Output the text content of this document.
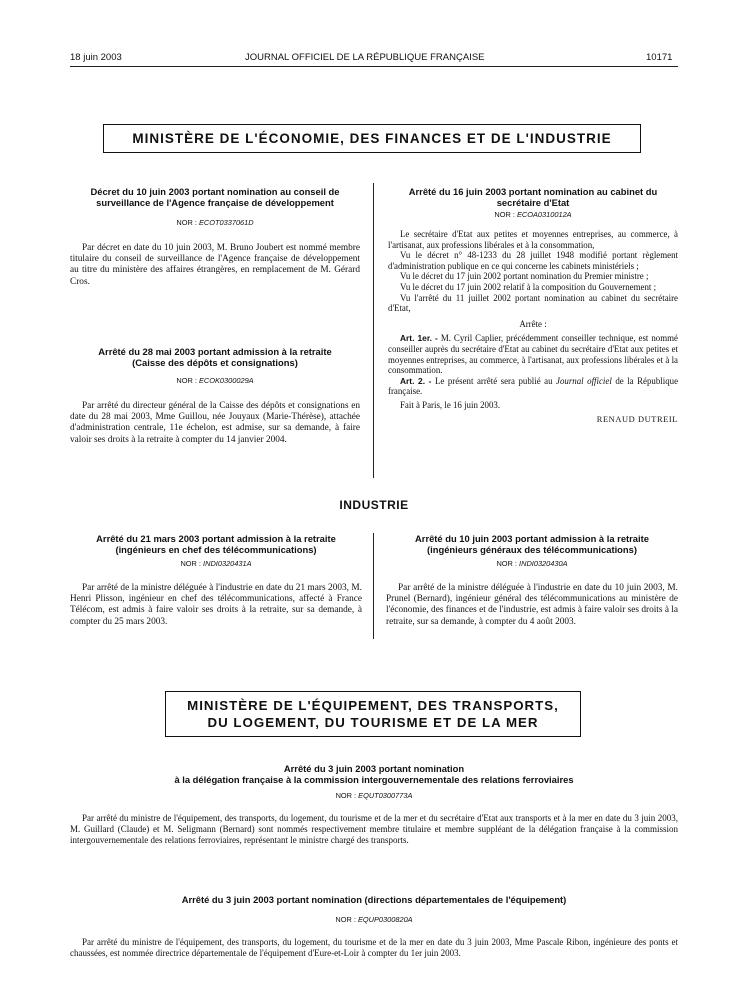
18 juin 2003	JOURNAL OFFICIEL DE LA RÉPUBLIQUE FRANÇAISE	10171
MINISTÈRE DE L'ÉCONOMIE, DES FINANCES ET DE L'INDUSTRIE
Décret du 10 juin 2003 portant nomination au conseil de surveillance de l'Agence française de développement
NOR : ECOT0337061D

Par décret en date du 10 juin 2003, M. Bruno Joubert est nommé membre titulaire du conseil de surveillance de l'Agence française de développement au titre du ministère des affaires étrangères, en remplacement de M. Gérard Cros.

Arrêté du 28 mai 2003 portant admission à la retraite
(Caisse des dépôts et consignations)
NOR : ECOK0300029A

Par arrêté du directeur général de la Caisse des dépôts et consignations en date du 28 mai 2003, Mme Guillou, née Jouyaux (Marie-Thérèse), attachée d'administration centrale, 11e échelon, est admise, sur sa demande, à faire valoir ses droits à la retraite à compter du 14 janvier 2004.

Arrêté du 16 juin 2003 portant nomination au cabinet du secrétaire d'Etat
NOR : ECOA0310012A

Le secrétaire d'Etat aux petites et moyennes entreprises, au commerce, à l'artisanat, aux professions libérales et à la consommation,

Vu le décret n° 48-1233 du 28 juillet 1948 modifié portant règlement d'administration publique en ce qui concerne les cabinets ministériels ;

Vu le décret du 17 juin 2002 portant nomination du Premier ministre ;

Vu le décret du 17 juin 2002 relatif à la composition du Gouvernement ;

Vu l'arrêté du 11 juillet 2002 portant nomination au cabinet du secrétaire d'Etat,

Arrête :

Art. 1er. - M. Cyril Caplier, précédemment conseiller technique, est nommé conseiller auprès du secrétaire d'Etat au cabinet du secrétaire d'Etat aux petites et moyennes entreprises, au commerce, à l'artisanat, aux professions libérales et à la consommation.

Art. 2. - Le présent arrêté sera publié au Journal officiel de la République française.

Fait à Paris, le 16 juin 2003.

RENAUD DUTREIL
INDUSTRIE
Arrêté du 21 mars 2003 portant admission à la retraite
(ingénieurs en chef des télécommunications)
NOR : INDI0320431A

Par arrêté de la ministre déléguée à l'industrie en date du 21 mars 2003, M. Henri Plisson, ingénieur en chef des télécommunications, affecté à France Télécom, est admis à faire valoir ses droits à la retraite, sur sa demande, à compter du 25 mars 2003.

Arrêté du 10 juin 2003 portant admission à la retraite
(ingénieurs généraux des télécommunications)
NOR : INDI0320430A

Par arrêté de la ministre déléguée à l'industrie en date du 10 juin 2003, M. Prunel (Bernard), ingénieur général des télécommunications au ministère de l'économie, des finances et de l'industrie, est admis à faire valoir ses droits à la retraite, sur sa demande, à compter du 4 août 2003.

MINISTÈRE DE L'ÉQUIPEMENT, DES TRANSPORTS,
DU LOGEMENT, DU TOURISME ET DE LA MER
Arrêté du 3 juin 2003 portant nomination
à la délégation française à la commission intergouvernementale des relations ferroviaires
NOR : EQUT0300773A

Par arrêté du ministre de l'équipement, des transports, du logement, du tourisme et de la mer et du secrétaire d'Etat aux transports et à la mer en date du 3 juin 2003, M. Guillard (Claude) et M. Seligmann (Bernard) sont nommés respectivement membre titulaire et membre suppléant de la délégation française à la commission intergouvernementale des relations ferroviaires, représentant le ministre chargé des transports.

Arrêté du 3 juin 2003 portant nomination (directions départementales de l'équipement)
NOR : EQUP0300820A

Par arrêté du ministre de l'équipement, des transports, du logement, du tourisme et de la mer en date du 3 juin 2003, Mme Pascale Ribon, ingénieure des ponts et chaussées, est nommée directrice départementale de l'équipement d'Eure-et-Loir à compter du 1er juin 2003.
